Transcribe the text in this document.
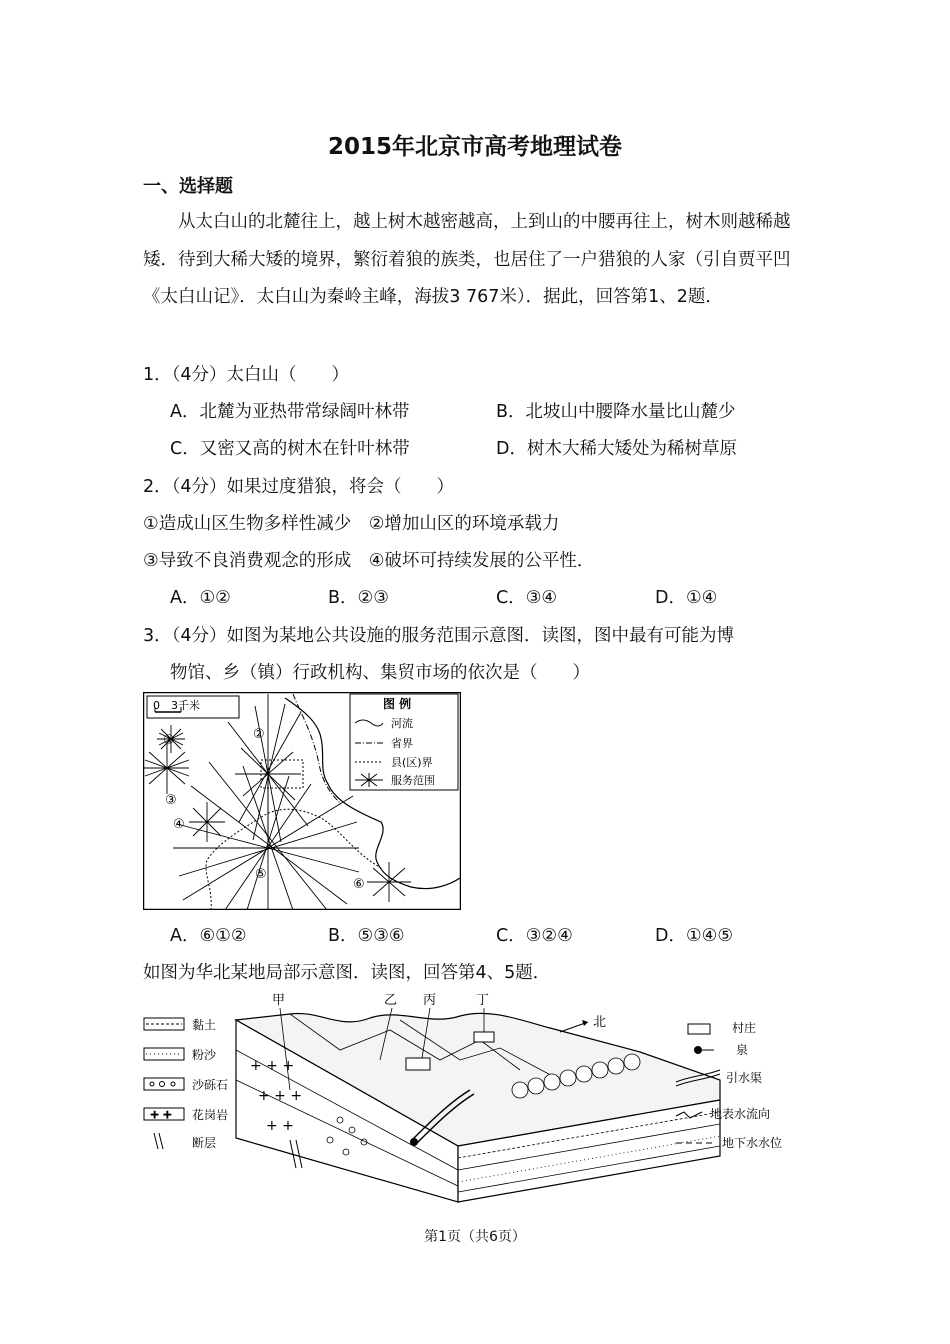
2015年北京市高考地理试卷
一、选择题
从太白山的北麓往上，越上树木越密越高，上到山的中腰再往上，树木则越稀越矮．待到大稀大矮的境界，繁衍着狼的族类，也居住了一户猎狼的人家（引自贾平凹《太白山记》．太白山为秦岭主峰，海拔3 767米）．据此，回答第1、2题．
1．（4分）太白山（　　）
A．北麓为亚热带常绿阔叶林带	B．北坡山中腰降水量比山麓少
C．又密又高的树木在针叶林带	D．树木大稀大矮处为稀树草原
2．（4分）如果过度猎狼，将会（　　）
①造成山区生物多样性减少　②增加山区的环境承载力
③导致不良消费观念的形成　④破坏可持续发展的公平性．
A．①②	B．②③	C．③④	D．①④
3．（4分）如图为某地公共设施的服务范围示意图．读图，图中最有可能为博
物馆、乡（镇）行政机构、集贸市场的依次是（　　）
0　3千米	图 例
河流
省界
县(区)界
服务范围
①	②
③
④
⑤
⑥
A．⑥①②	B．⑤③⑥	C．③②④	D．①④⑤
如图为华北某地局部示意图．读图，回答第4、5题．
+ +
黏土
粉沙
沙砾石
花岗岩
断层
+ + +
+ + +
+ +
甲	乙 丙	丁
北	村庄
泉
引水渠
地表水流向
地下水水位
第1页（共6页）
